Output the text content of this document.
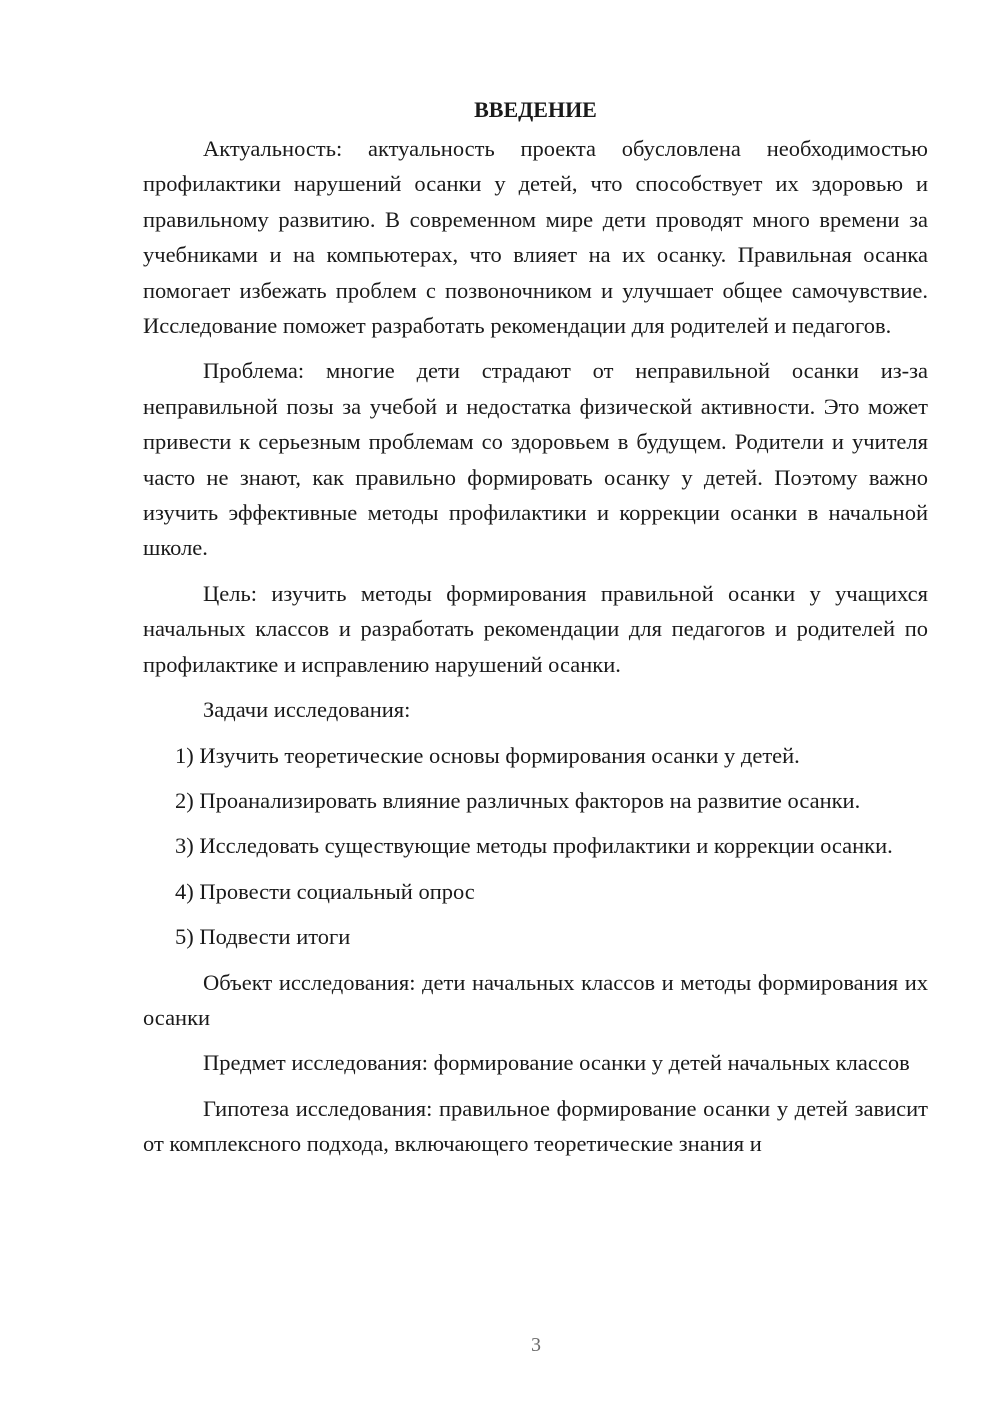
ВВЕДЕНИЕ

Актуальность: актуальность проекта обусловлена необходимостью профилактики нарушений осанки у детей, что способствует их здоровью и правильному развитию. В современном мире дети проводят много времени за учебниками и на компьютерах, что влияет на их осанку. Правильная осанка помогает избежать проблем с позвоночником и улучшает общее самочувствие. Исследование поможет разработать рекомендации для родителей и педагогов.

Проблема: многие дети страдают от неправильной осанки из-за неправильной позы за учебой и недостатка физической активности. Это может привести к серьезным проблемам со здоровьем в будущем. Родители и учителя часто не знают, как правильно формировать осанку у детей. Поэтому важно изучить эффективные методы профилактики и коррекции осанки в начальной школе.

Цель: изучить методы формирования правильной осанки у учащихся начальных классов и разработать рекомендации для педагогов и родителей по профилактике и исправлению нарушений осанки.

Задачи исследования:

1) Изучить теоретические основы формирования осанки у детей.

2) Проанализировать влияние различных факторов на развитие осанки.

3) Исследовать существующие методы профилактики и коррекции осанки.

4) Провести социальный опрос

5) Подвести итоги

Объект исследования: дети начальных классов и методы формирования их осанки

Предмет исследования: формирование осанки у детей начальных классов

Гипотеза исследования: правильное формирование осанки у детей зависит от комплексного подхода, включающего теоретические знания и

3
